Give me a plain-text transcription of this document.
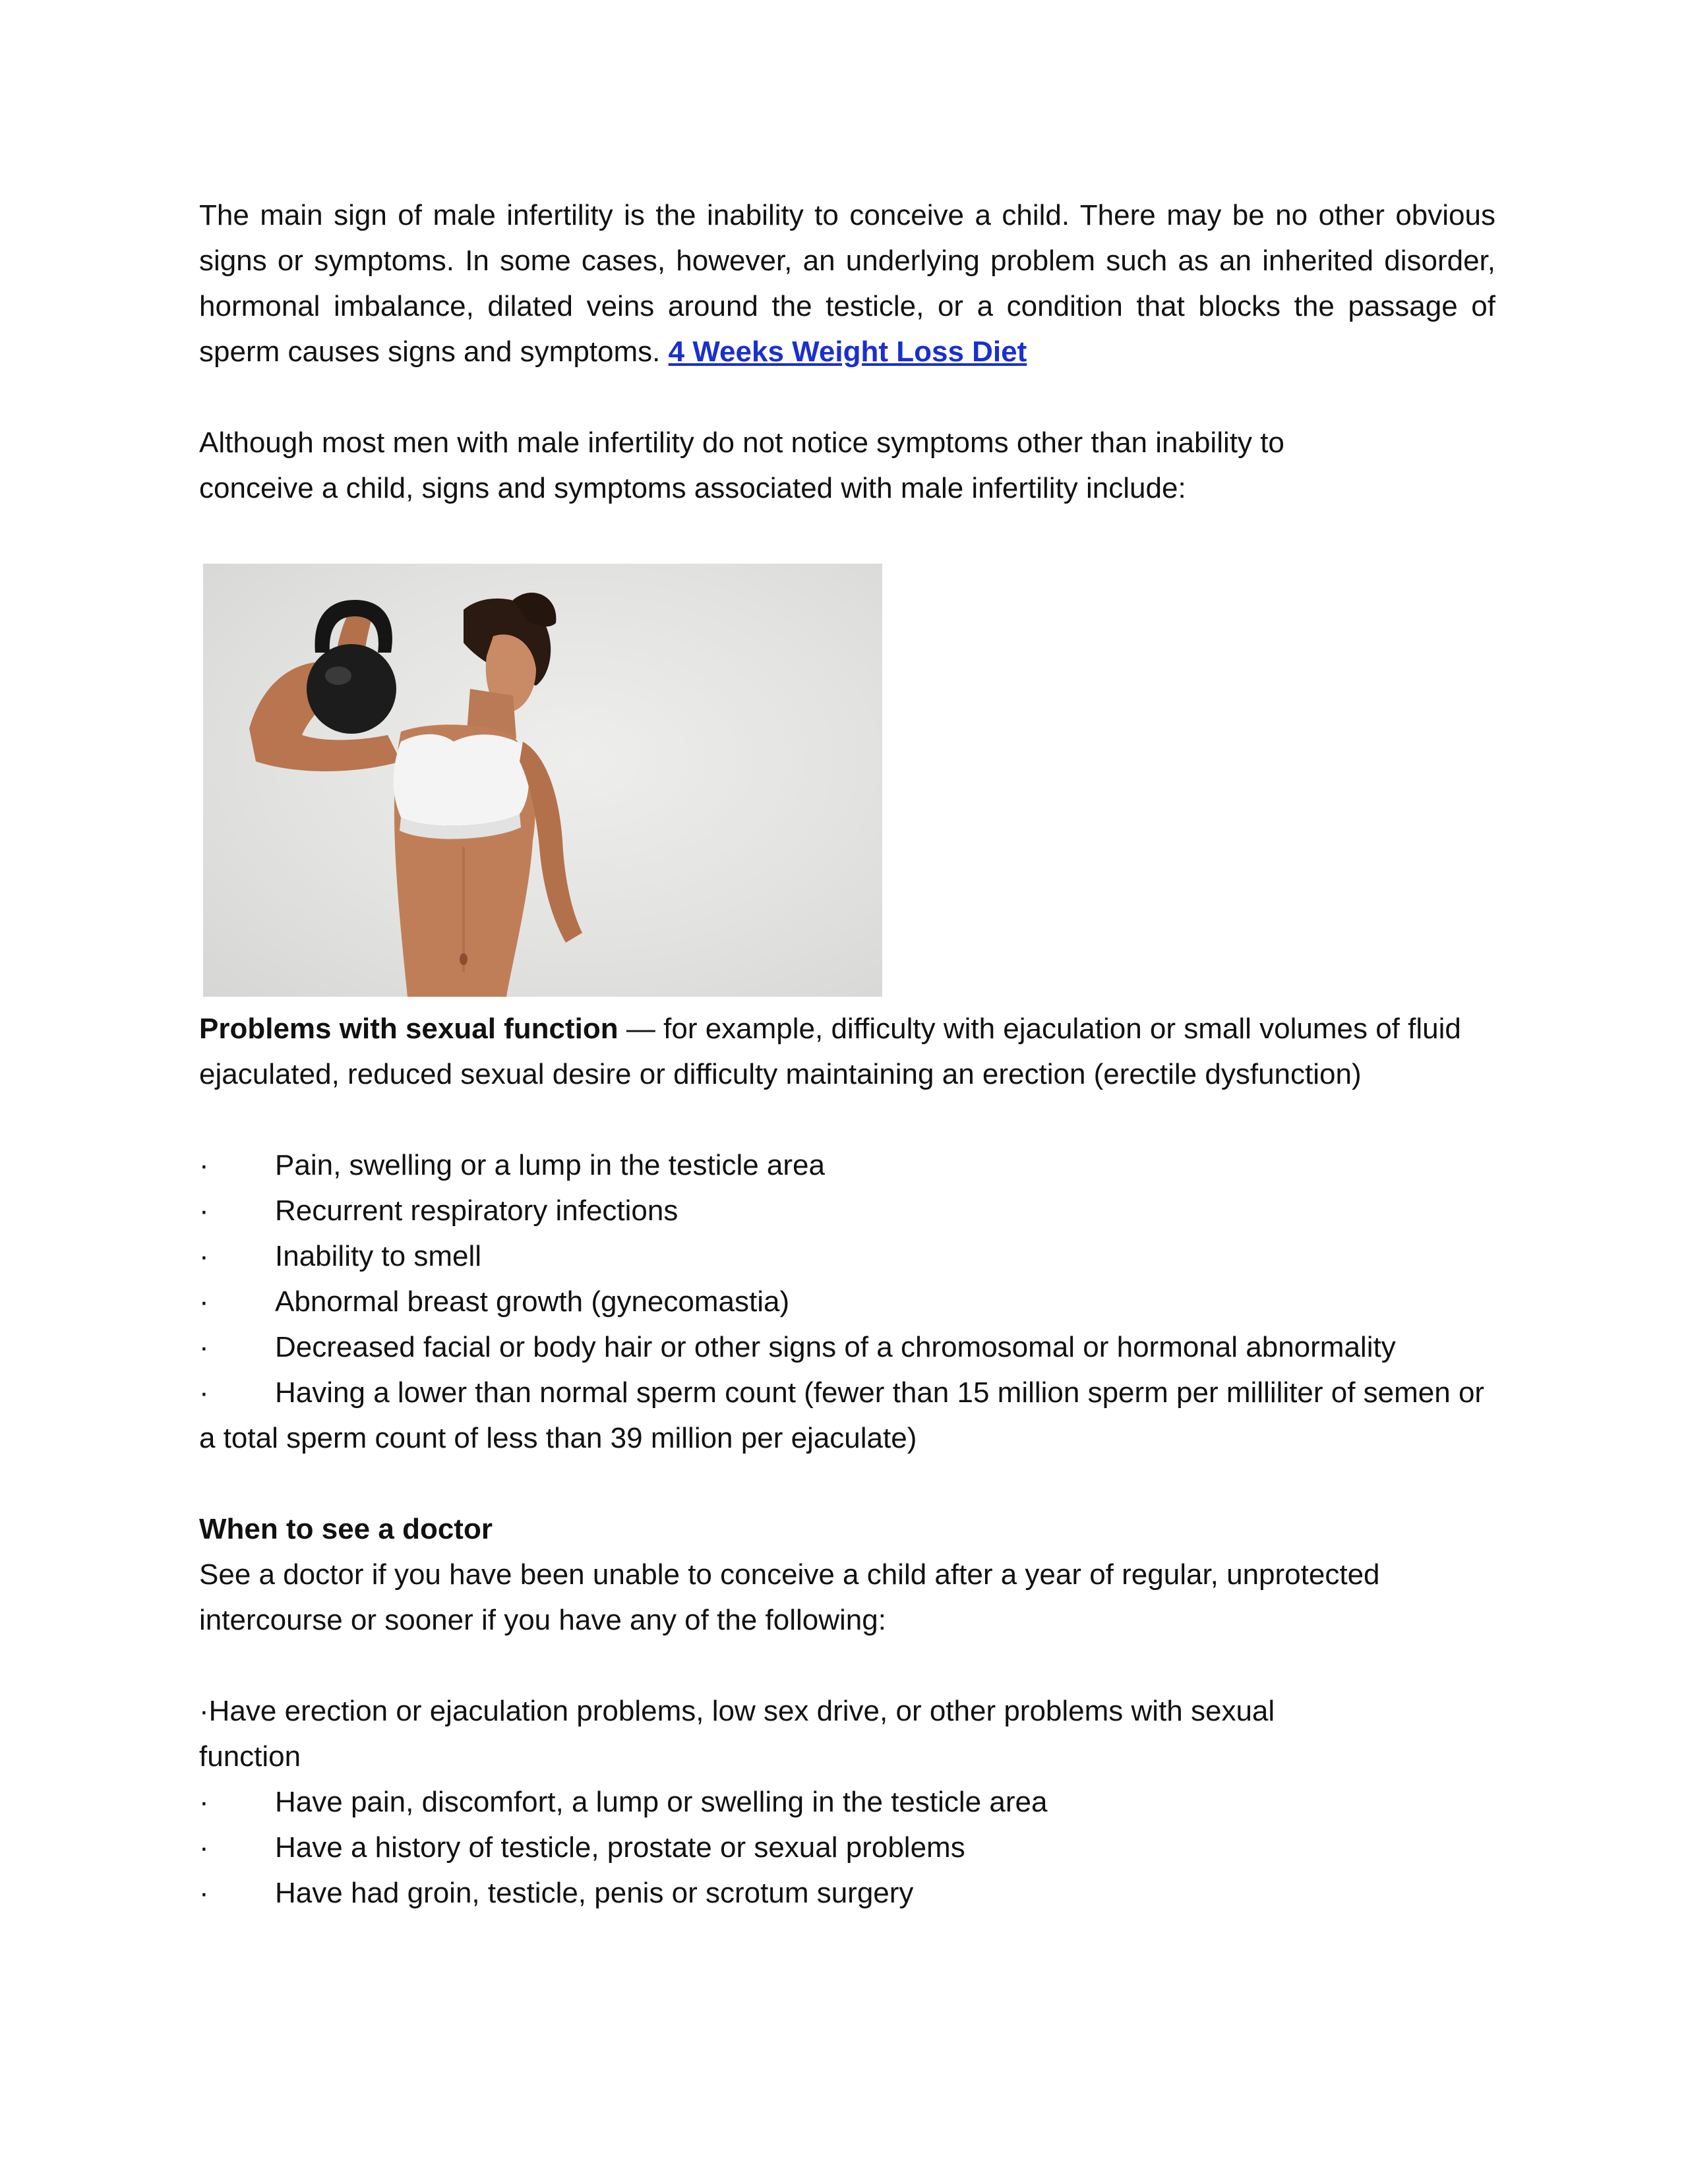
The main sign of male infertility is the inability to conceive a child. There may be no other obvious signs or symptoms. In some cases, however, an underlying problem such as an inherited disorder, hormonal imbalance, dilated veins around the testicle, or a condition that blocks the passage of sperm causes signs and symptoms. 4 Weeks Weight Loss Diet

Although most men with male infertility do not notice symptoms other than inability to conceive a child, signs and symptoms associated with male infertility include:

Problems with sexual function — for example, difficulty with ejaculation or small volumes of fluid ejaculated, reduced sexual desire or difficulty maintaining an erection (erectile dysfunction)

·	Pain, swelling or a lump in the testicle area
·	Recurrent respiratory infections
·	Inability to smell
·	Abnormal breast growth (gynecomastia)
·	Decreased facial or body hair or other signs of a chromosomal or hormonal abnormality

· Having a lower than normal sperm count (fewer than 15 million sperm per milliliter of semen or a total sperm count of less than 39 million per ejaculate)

When to see a doctor

See a doctor if you have been unable to conceive a child after a year of regular, unprotected intercourse or sooner if you have any of the following:

·Have erection or ejaculation problems, low sex drive, or other problems with sexual function

·	Have pain, discomfort, a lump or swelling in the testicle area
·	Have a history of testicle, prostate or sexual problems
·	Have had groin, testicle, penis or scrotum surgery
